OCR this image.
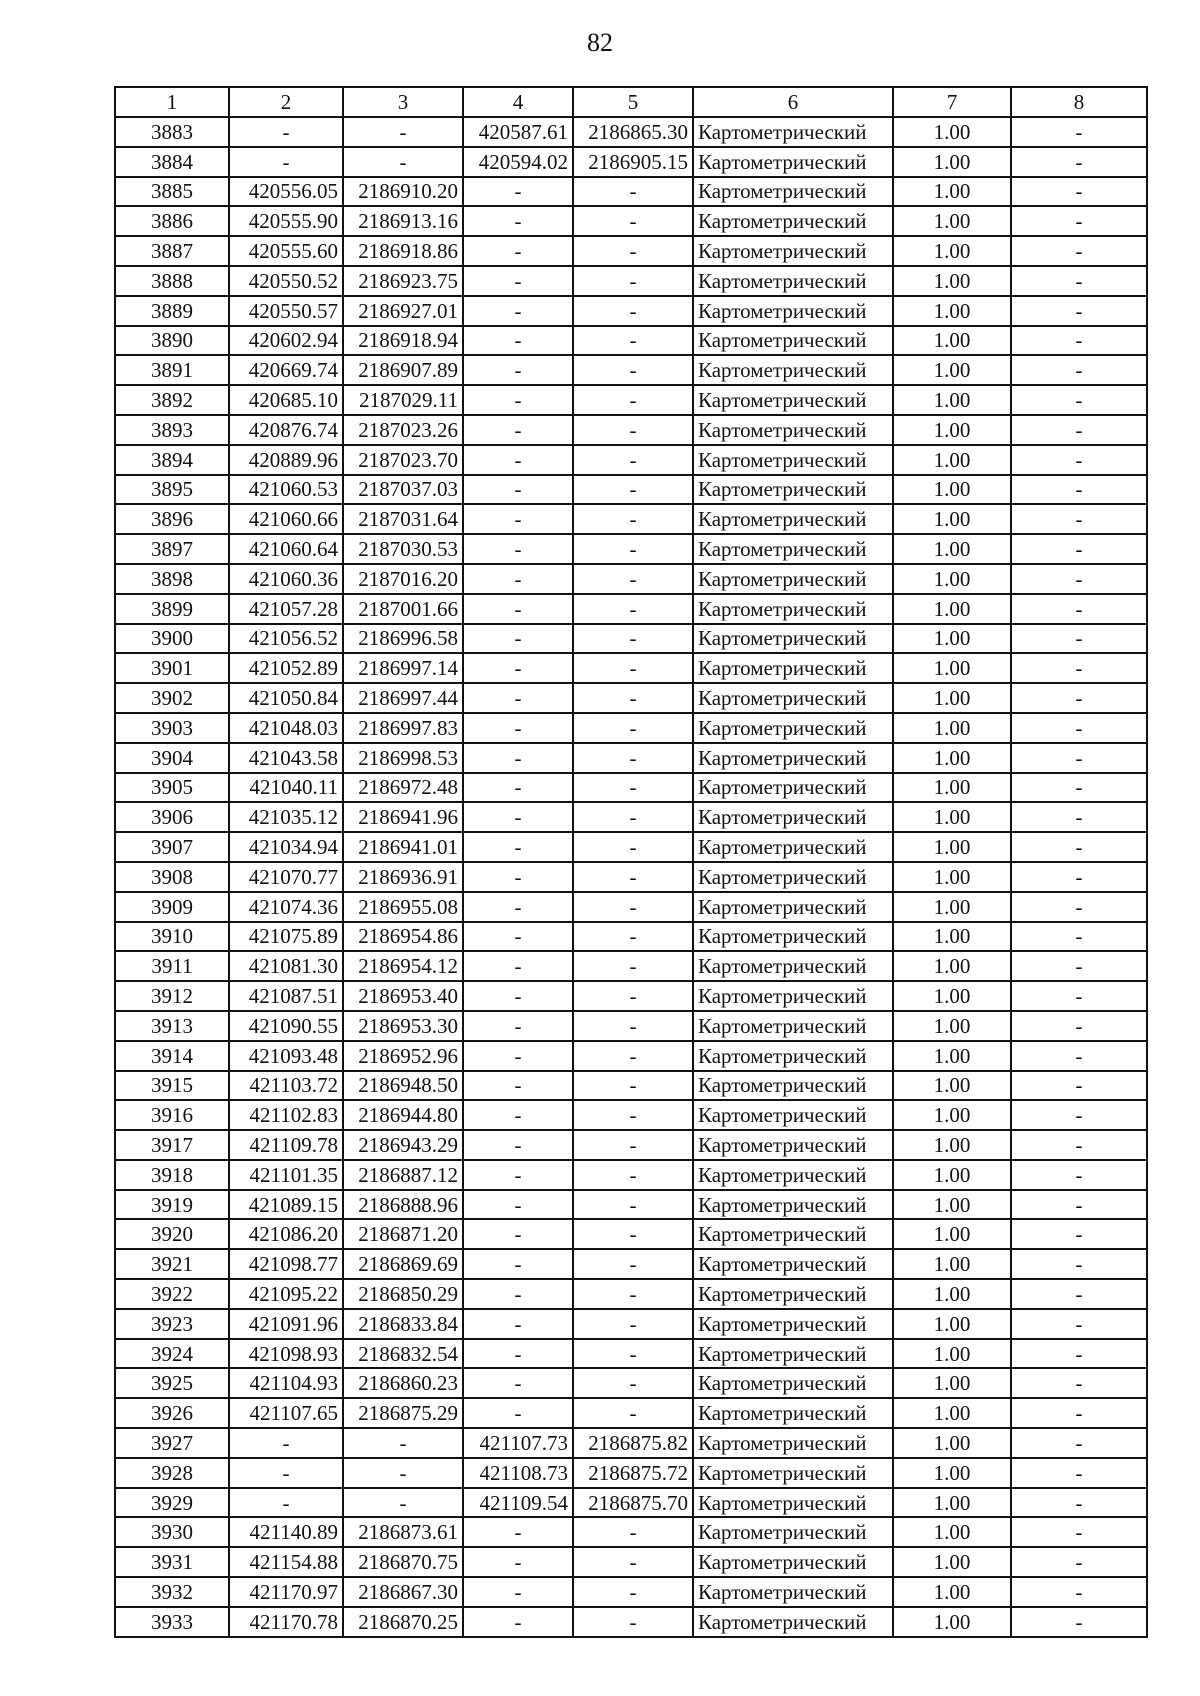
82
1	2	3	4	5	6	7	8
3883	-	-	420587.61	2186865.30	Картометрический	1.00	-
3884	-	-	420594.02	2186905.15	Картометрический	1.00	-
3885	420556.05	2186910.20	-	-	Картометрический	1.00	-
3886	420555.90	2186913.16	-	-	Картометрический	1.00	-
3887	420555.60	2186918.86	-	-	Картометрический	1.00	-
3888	420550.52	2186923.75	-	-	Картометрический	1.00	-
3889	420550.57	2186927.01	-	-	Картометрический	1.00	-
3890	420602.94	2186918.94	-	-	Картометрический	1.00	-
3891	420669.74	2186907.89	-	-	Картометрический	1.00	-
3892	420685.10	2187029.11	-	-	Картометрический	1.00	-
3893	420876.74	2187023.26	-	-	Картометрический	1.00	-
3894	420889.96	2187023.70	-	-	Картометрический	1.00	-
3895	421060.53	2187037.03	-	-	Картометрический	1.00	-
3896	421060.66	2187031.64	-	-	Картометрический	1.00	-
3897	421060.64	2187030.53	-	-	Картометрический	1.00	-
3898	421060.36	2187016.20	-	-	Картометрический	1.00	-
3899	421057.28	2187001.66	-	-	Картометрический	1.00	-
3900	421056.52	2186996.58	-	-	Картометрический	1.00	-
3901	421052.89	2186997.14	-	-	Картометрический	1.00	-
3902	421050.84	2186997.44	-	-	Картометрический	1.00	-
3903	421048.03	2186997.83	-	-	Картометрический	1.00	-
3904	421043.58	2186998.53	-	-	Картометрический	1.00	-
3905	421040.11	2186972.48	-	-	Картометрический	1.00	-
3906	421035.12	2186941.96	-	-	Картометрический	1.00	-
3907	421034.94	2186941.01	-	-	Картометрический	1.00	-
3908	421070.77	2186936.91	-	-	Картометрический	1.00	-
3909	421074.36	2186955.08	-	-	Картометрический	1.00	-
3910	421075.89	2186954.86	-	-	Картометрический	1.00	-
3911	421081.30	2186954.12	-	-	Картометрический	1.00	-
3912	421087.51	2186953.40	-	-	Картометрический	1.00	-
3913	421090.55	2186953.30	-	-	Картометрический	1.00	-
3914	421093.48	2186952.96	-	-	Картометрический	1.00	-
3915	421103.72	2186948.50	-	-	Картометрический	1.00	-
3916	421102.83	2186944.80	-	-	Картометрический	1.00	-
3917	421109.78	2186943.29	-	-	Картометрический	1.00	-
3918	421101.35	2186887.12	-	-	Картометрический	1.00	-
3919	421089.15	2186888.96	-	-	Картометрический	1.00	-
3920	421086.20	2186871.20	-	-	Картометрический	1.00	-
3921	421098.77	2186869.69	-	-	Картометрический	1.00	-
3922	421095.22	2186850.29	-	-	Картометрический	1.00	-
3923	421091.96	2186833.84	-	-	Картометрический	1.00	-
3924	421098.93	2186832.54	-	-	Картометрический	1.00	-
3925	421104.93	2186860.23	-	-	Картометрический	1.00	-
3926	421107.65	2186875.29	-	-	Картометрический	1.00	-
3927	-	-	421107.73	2186875.82	Картометрический	1.00	-
3928	-	-	421108.73	2186875.72	Картометрический	1.00	-
3929	-	-	421109.54	2186875.70	Картометрический	1.00	-
3930	421140.89	2186873.61	-	-	Картометрический	1.00	-
3931	421154.88	2186870.75	-	-	Картометрический	1.00	-
3932	421170.97	2186867.30	-	-	Картометрический	1.00	-
3933	421170.78	2186870.25	-	-	Картометрический	1.00	-
